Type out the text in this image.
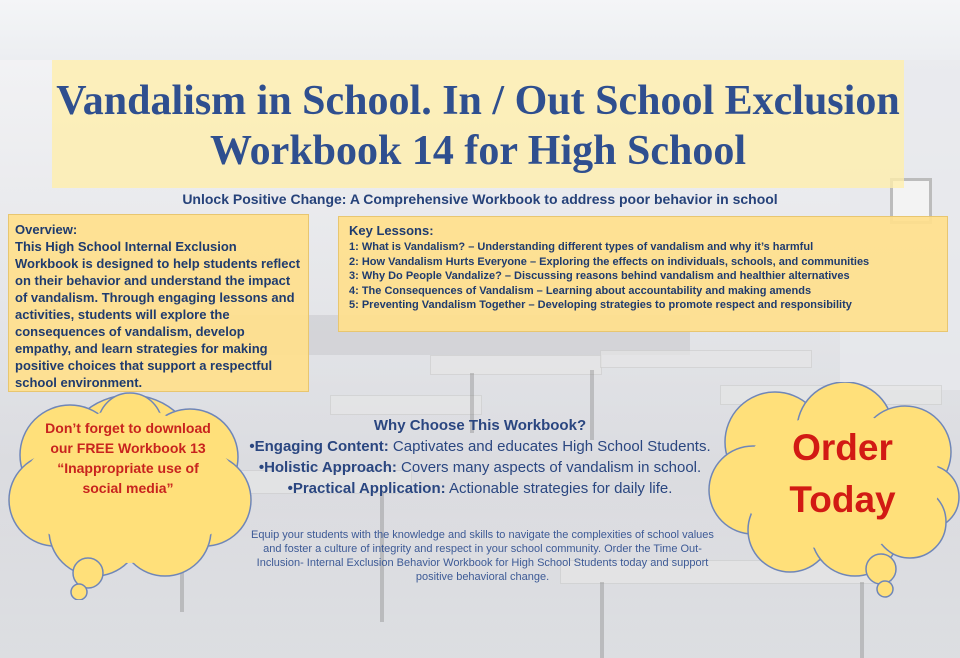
Vandalism in School. In / Out School Exclusion Workbook 14 for High School

Unlock Positive Change: A Comprehensive Workbook to address poor behavior in school

Overview:
This High School Internal Exclusion Workbook is designed to help students reflect on their behavior and understand the impact of vandalism. Through engaging lessons and activities, students will explore the consequences of vandalism, develop empathy, and learn strategies for making positive choices that support a respectful school environment.
Key Lessons:
1: What is Vandalism? – Understanding different types of vandalism and why it’s harmful
2: How Vandalism Hurts Everyone – Exploring the effects on individuals, schools, and communities
3: Why Do People Vandalize? – Discussing reasons behind vandalism and healthier alternatives
4: The Consequences of Vandalism – Learning about accountability and making amends
5: Preventing Vandalism Together – Developing strategies to promote respect and responsibility
Why Choose This Workbook?
•Engaging Content: Captivates and educates High School Students.
•Holistic Approach: Covers many aspects of vandalism in school.
•Practical Application: Actionable strategies for daily life.

Equip your students with the knowledge and skills to navigate the complexities of school values and foster a culture of integrity and respect in your school community. Order the Time Out-Inclusion- Internal Exclusion Behavior Workbook for High School Students today and support positive behavioral change.

Don’t forget to download our FREE Workbook 13 “Inappropriate use of social media”
Order Today
